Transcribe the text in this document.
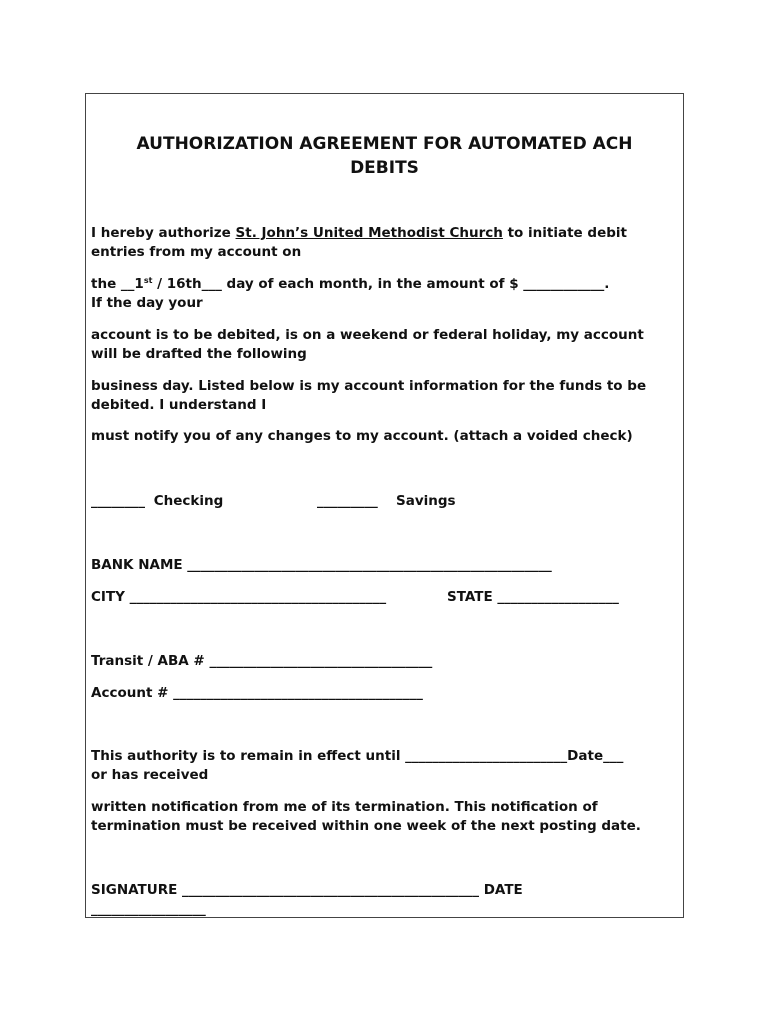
AUTHORIZATION AGREEMENT FOR AUTOMATED ACH
DEBITS
I hereby authorize St. John’s United Methodist Church to initiate debit
entries from my account on
the __1st / 16th___ day of each month, in the amount of $ ____________.
If the day your
account is to be debited, is on a weekend or federal holiday, my account
will be drafted the following
business day. Listed below is my account information for the funds to be
debited. I understand I
must notify you of any changes to my account. (attach a voided check)
________ Checking	_________ Savings
BANK NAME ______________________________________________________
CITY ______________________________________	STATE __________________
Transit / ABA # _________________________________
Account # _____________________________________
This authority is to remain in effect until ________________________Date___
or has received
written notification from me of its termination. This notification of
termination must be received within one week of the next posting date.
SIGNATURE ____________________________________________ DATE
_________________
